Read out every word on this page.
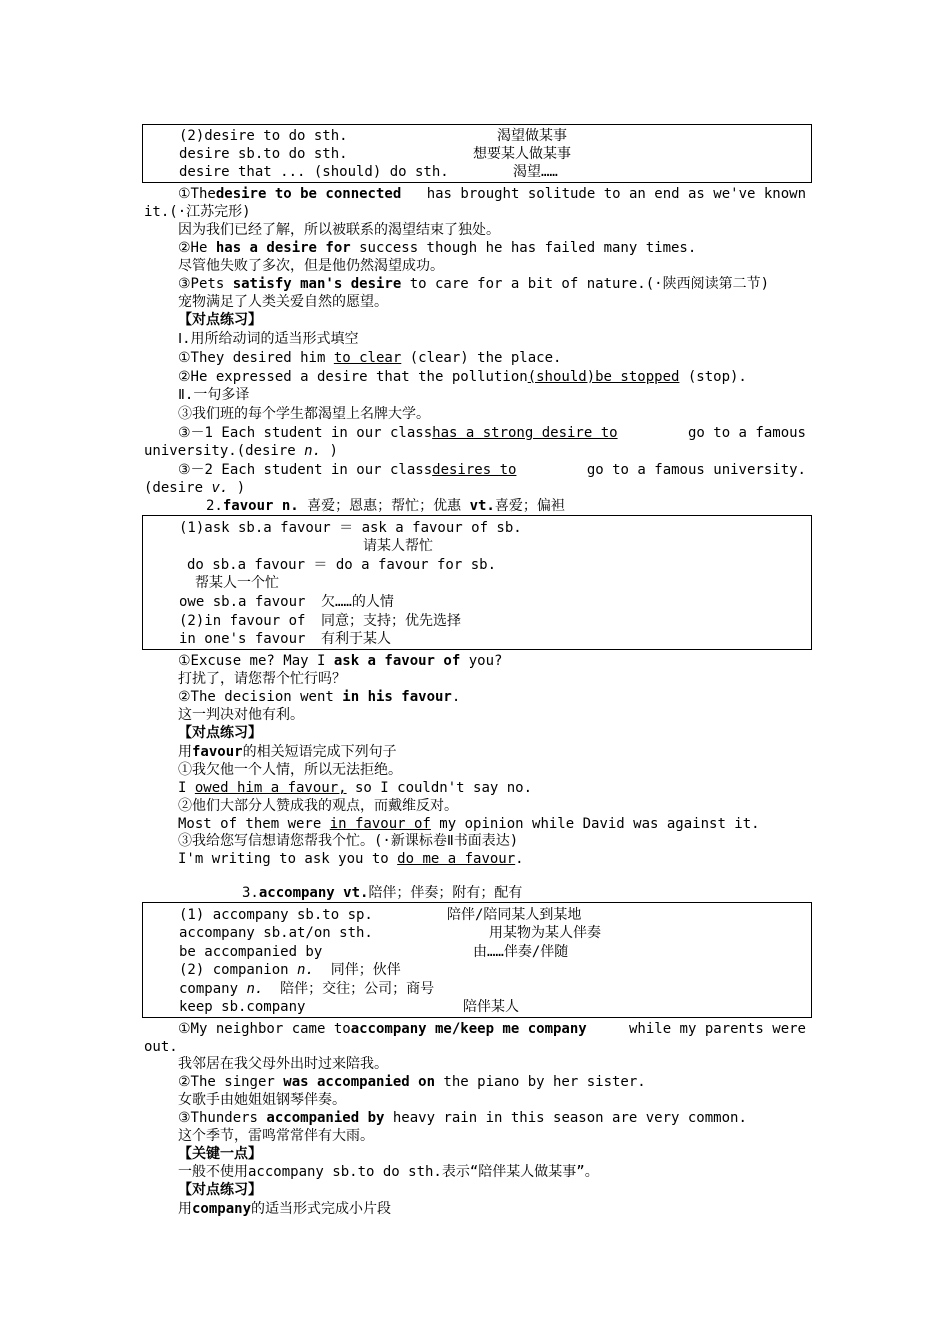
(2)desire to do sth.	渴望做某事
desire sb.to do sth.	想要某人做某事
desire that ... (should) do sth.	渴望……
①The desire to be connected	has brought solitude to an end as we've known
it.(·江苏完形)
因为我们已经了解，所以被联系的渴望结束了独处。
②He has a desire for success though he has failed many times.
尽管他失败了多次，但是他仍然渴望成功。
③Pets satisfy man's desire to care for a bit of nature.(·陕西阅读第二节)
宠物满足了人类关爱自然的愿望。
【对点练习】
Ⅰ.用所给动词的适当形式填空
①They desired him to clear (clear) the place.
②He expressed a desire that the pollution(should)be stopped (stop).
Ⅱ.一句多译
③我们班的每个学生都渴望上名牌大学。
③－1 Each student in our class has a strong desire to	go to a famous
university.(desire n. )
③－2 Each student in our class desires to	go to a famous university.
(desire v. )
2.favour n. 喜爱；恩惠；帮忙；优惠 vt.喜爱；偏袒
(1)ask sb.a favour ＝ ask a favour of sb.
请某人帮忙
do sb.a favour ＝ do a favour for sb.
帮某人一个忙
owe sb.a favour 欠……的人情
(2)in favour of 同意；支持；优先选择
in one's favour 有利于某人
①Excuse me? May I ask a favour of you?
打扰了，请您帮个忙行吗？
②The decision went in his favour.
这一判决对他有利。
【对点练习】
用favour的相关短语完成下列句子
①我欠他一个人情，所以无法拒绝。
I owed him a favour, so I couldn't say no.
②他们大部分人赞成我的观点，而戴维反对。
Most of them were in favour of my opinion while David was against it.
③我给您写信想请您帮我个忙。(·新课标卷Ⅱ书面表达)
I'm writing to ask you to do me a favour.
3.accompany vt.陪伴；伴奏；附有；配有
(1) accompany sb.to sp.	陪伴/陪同某人到某地
accompany sb.at/on sth.	用某物为某人伴奏
be accompanied by	由……伴奏/伴随
(2) companion n. 同伴；伙伴
company n. 陪伴；交往；公司；商号
keep sb.company	陪伴某人
①My neighbor came to accompany me/keep me company	while my parents were
out.
我邻居在我父母外出时过来陪我。
②The singer was accompanied on the piano by her sister.
女歌手由她姐姐钢琴伴奏。
③Thunders accompanied by heavy rain in this season are very common.
这个季节，雷鸣常常伴有大雨。
【关键一点】
一般不使用accompany sb.to do sth.表示“陪伴某人做某事”。
【对点练习】
用company的适当形式完成小片段
